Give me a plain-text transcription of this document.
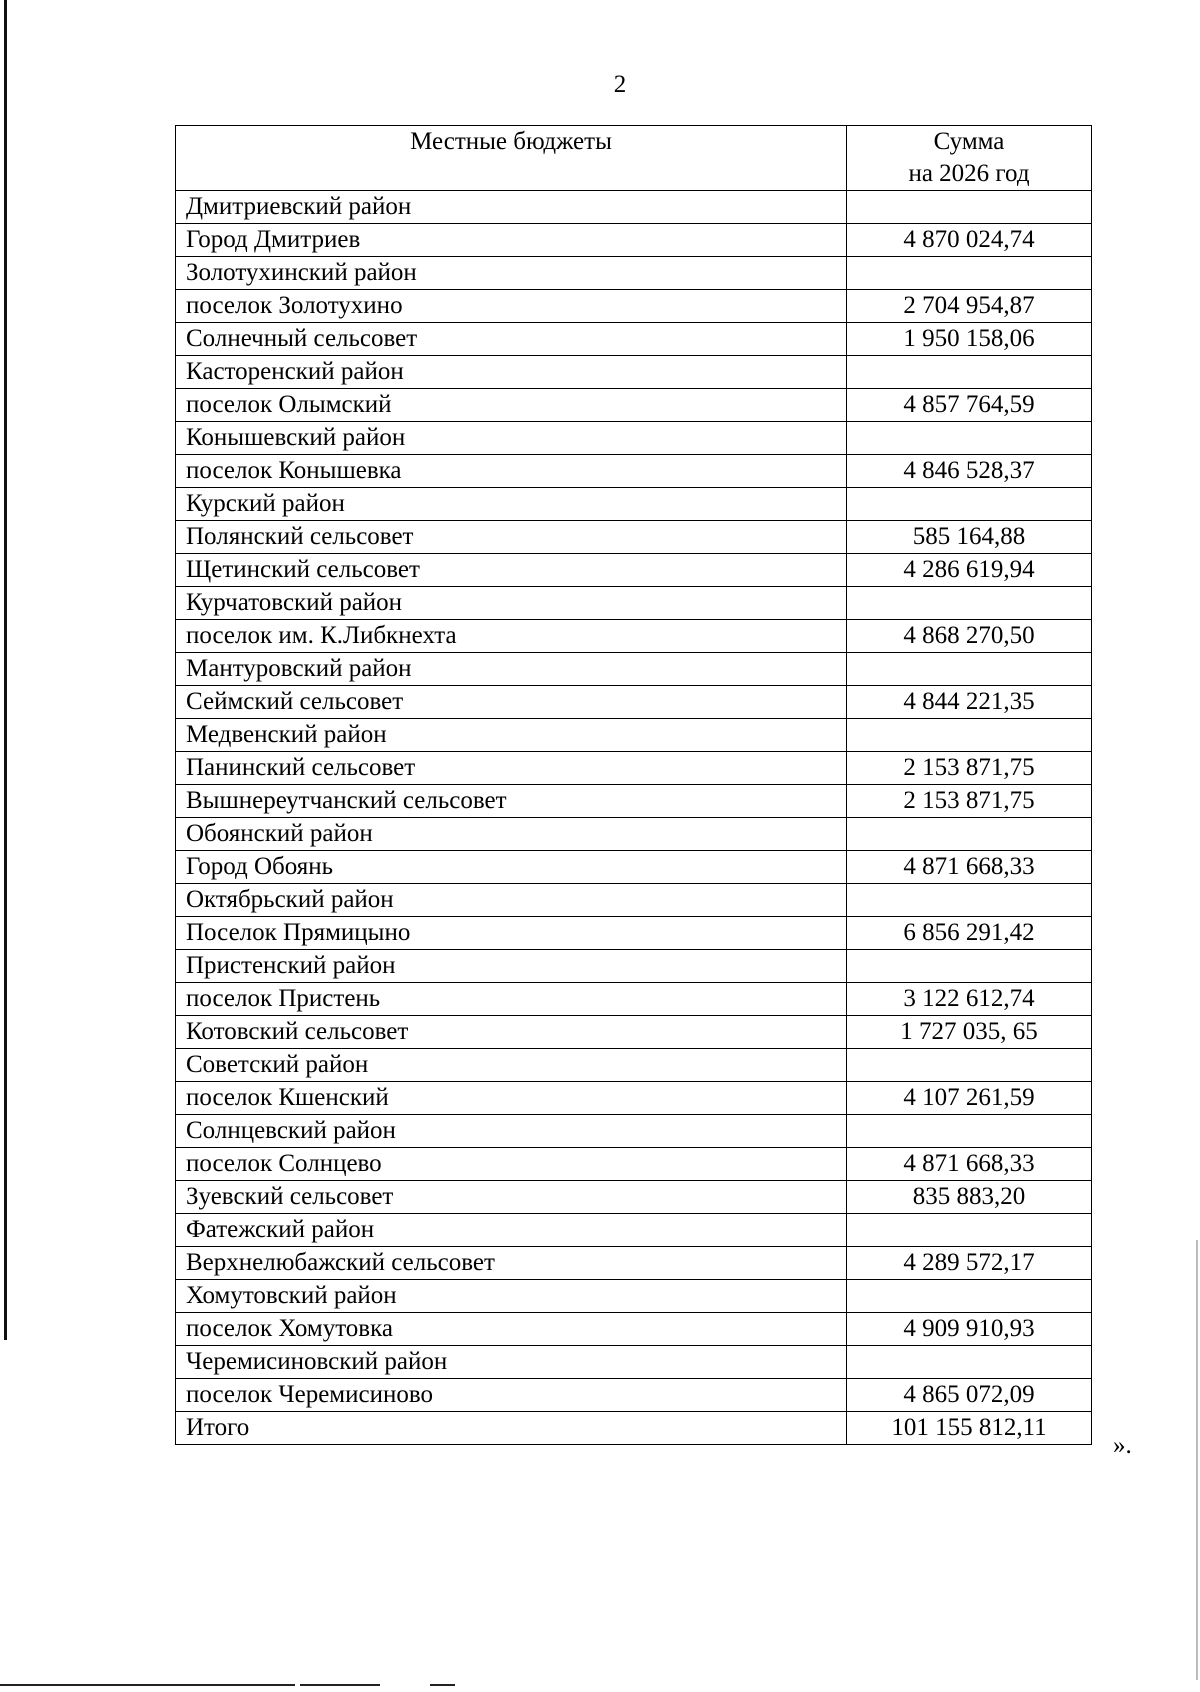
2
Местные бюджеты	Сумма
на 2026 год

Дмитриевский район	
Город Дмитриев	4 870 024,74
Золотухинский район	
поселок Золотухино	2 704 954,87
Солнечный сельсовет	1 950 158,06
Касторенский район	
поселок Олымский	4 857 764,59
Конышевский район	
поселок Конышевка	4 846 528,37
Курский район	
Полянский сельсовет	585 164,88
Щетинский сельсовет	4 286 619,94
Курчатовский район	
поселок им. К.Либкнехта	4 868 270,50
Мантуровский район	
Сеймский сельсовет	4 844 221,35
Медвенский район	
Панинский сельсовет	2 153 871,75
Вышнереутчанский сельсовет	2 153 871,75
Обоянский район	
Город Обоянь	4 871 668,33
Октябрьский район	
Поселок Прямицыно	6 856 291,42
Пристенский район	
поселок Пристень	3 122 612,74
Котовский сельсовет	1 727 035, 65
Советский район	
поселок Кшенский	4 107 261,59
Солнцевский район	
поселок Солнцево	4 871 668,33
Зуевский сельсовет	835 883,20
Фатежский район	
Верхнелюбажский сельсовет	4 289 572,17
Хомутовский район	
поселок Хомутовка	4 909 910,93
Черемисиновский район	
поселок Черемисиново	4 865 072,09
Итого	101 155 812,11
».
